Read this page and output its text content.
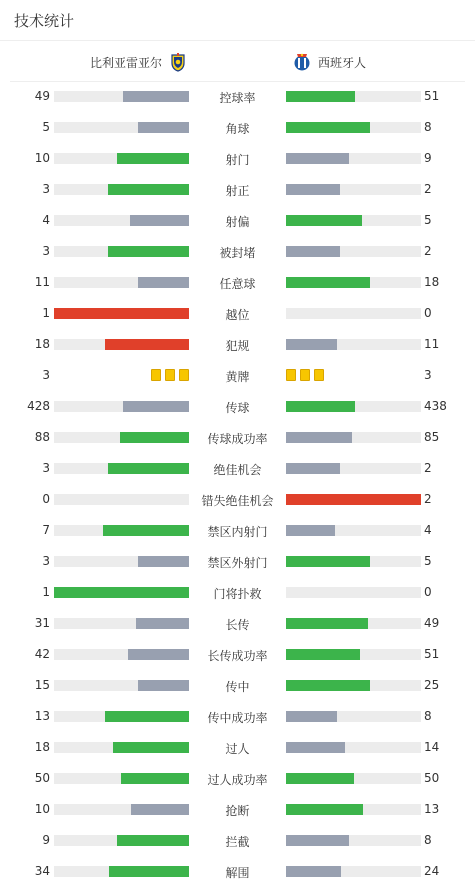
技术统计
比利亚雷亚尔	西班牙人
49	控球率	51
5	角球	8
10	射门	9
3	射正	2
4	射偏	5
3	被封堵	2
11	任意球	18
1	越位	0
18	犯规	11
3	黄牌	3
428	传球	438
88	传球成功率	85
3	绝佳机会	2
0	错失绝佳机会	2
7	禁区内射门	4
3	禁区外射门	5
1	门将扑救	0
31	长传	49
42	长传成功率	51
15	传中	25
13	传中成功率	8
18	过人	14
50	过人成功率	50
10	抢断	13
9	拦截	8
34	解围	24
